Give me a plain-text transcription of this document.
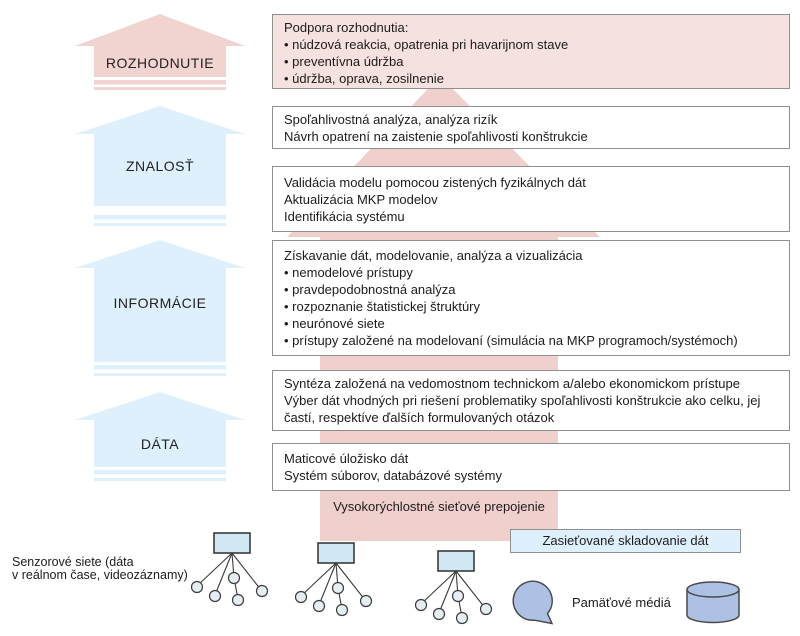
ROZHODNUTIE
ZNALOSŤ
INFORMÁCIE
DÁTA
Podpora rozhodnutia:
• núdzová reakcia, opatrenia pri havarijnom stave
• preventívna údržba
• údržba, oprava, zosilnenie
Spoľahlivostná analýza, analýza rizík
Návrh opatrení na zaistenie spoľahlivosti konštrukcie
Validácia modelu pomocou zistených fyzikálnych dát
Aktualizácia MKP modelov
Identifikácia systému
Získavanie dát, modelovanie, analýza a vizualizácia
• nemodelové prístupy
• pravdepodobnostná analýza
• rozpoznanie štatistickej štruktúry
• neurónové siete
• prístupy založené na modelovaní (simulácia na MKP programoch/systémoch)
Syntéza založená na vedomostnom technickom a/alebo ekonomickom prístupe
Výber dát vhodných pri riešení problematiky spoľahlivosti konštrukcie ako celku, jej
častí, respektíve ďalších formulovaných otázok
Maticové úložisko dát
Systém súborov, databázové systémy
Vysokorýchlostné sieťové prepojenie
Senzorové siete (dáta
v reálnom čase, videozáznamy)
Zasieťované skladovanie dát
Pamäťové médiá
